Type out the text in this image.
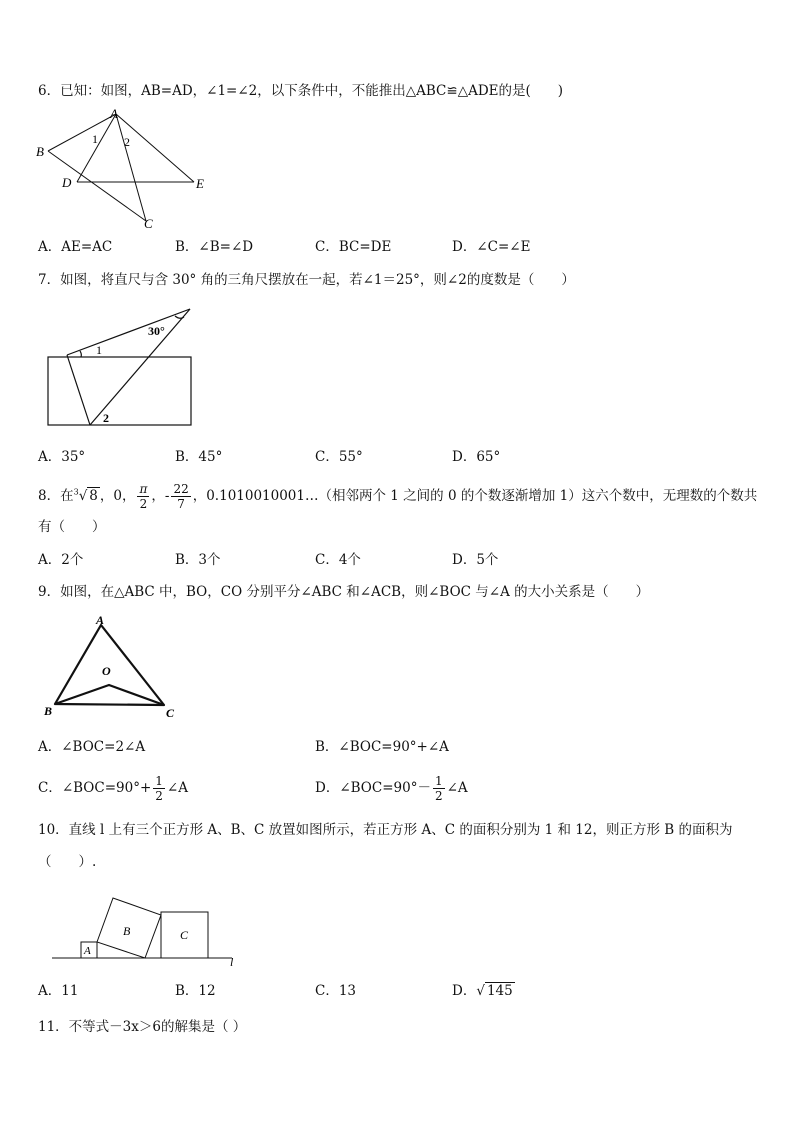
6．已知：如图，AB=AD，∠1=∠2，以下条件中，不能推出△ABC≌△ADE的是(　　)
A
B
C
D	E
1 2
A．AE=AC	B．∠B=∠D	C．BC=DE	D．∠C=∠E
7．如图，将直尺与含 30° 角的三角尺摆放在一起，若∠1＝25°，则∠2的度数是（　　）
30°
1
2
A．35°	B．45°	C．55°	D．65°
8．在$^3$√ 8 ，0， $\frac{\pi}{2}$ ，- $\frac{22}{7}$ ，0.1010010001…（相邻两个 1 之间的 0 的个数逐渐增加 1）这六个数中，无理数的个数共
有（　　）
A．2个	B．3个	C．4个	D．5个
9．如图，在△ABC 中，BO，CO 分别平分∠ABC 和∠ACB，则∠BOC 与∠A 的大小关系是（　　）
A
O
B	C
A．∠BOC=2∠A	B．∠BOC=90°+∠A
C．∠BOC=90°+ $\frac{1}{2}$ ∠A	D．∠BOC=90°－ $\frac{1}{2}$ ∠A
10．直线 l 上有三个正方形 A、B、C 放置如图所示，若正方形 A、C 的面积分别为 1 和 12，则正方形 B 的面积为
（　　）.
A
B	C
l
A．11	B．12	C．13	D．√ 145
11．不等式－3x＞6的解集是（ ）
